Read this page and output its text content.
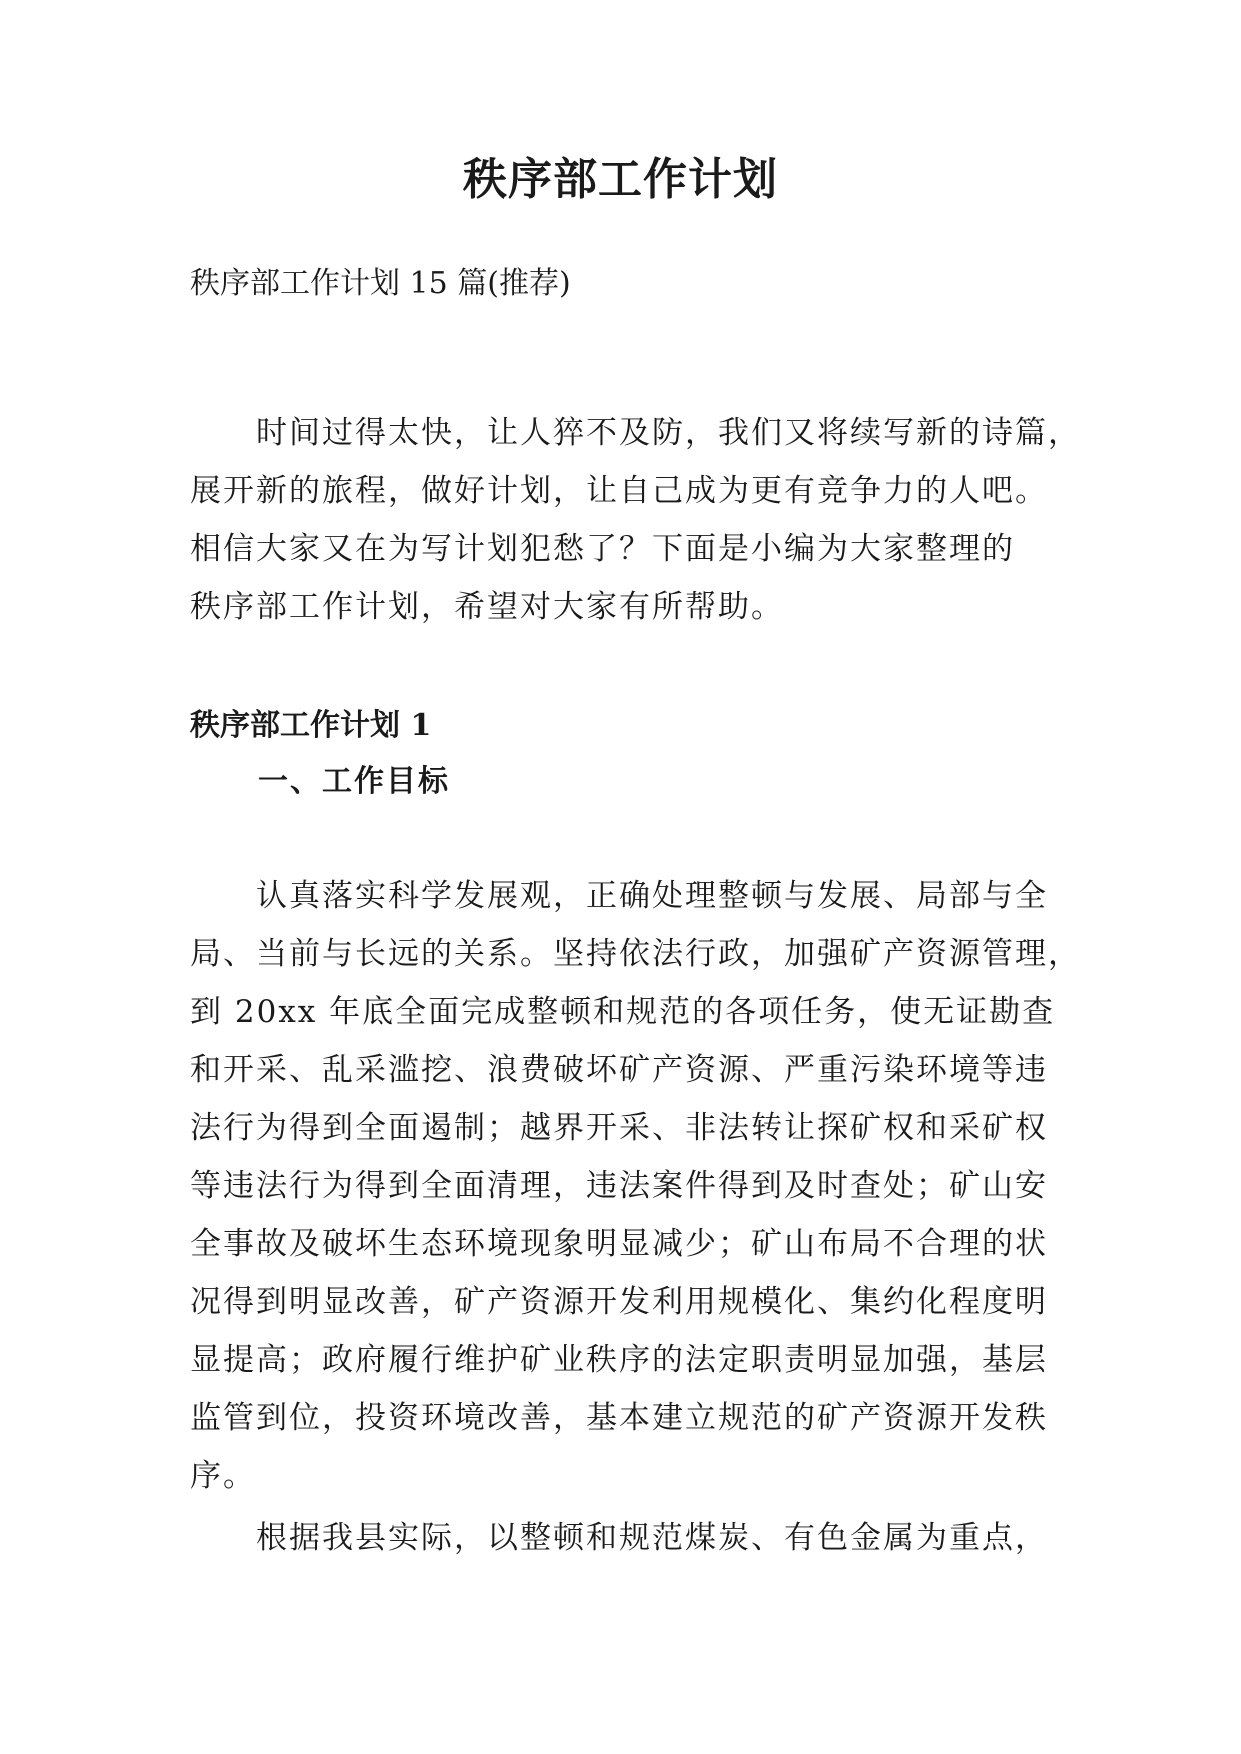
秩序部工作计划

秩序部工作计划 15 篇(推荐)

　　时间过得太快，让人猝不及防，我们又将续写新的诗篇，
展开新的旅程，做好计划，让自己成为更有竞争力的人吧。
相信大家又在为写计划犯愁了？下面是小编为大家整理的
秩序部工作计划，希望对大家有所帮助。

秩序部工作计划 1
一、工作目标

　　认真落实科学发展观，正确处理整顿与发展、局部与全
局、当前与长远的关系。坚持依法行政，加强矿产资源管理，
到 20xx 年底全面完成整顿和规范的各项任务，使无证勘查
和开采、乱采滥挖、浪费破坏矿产资源、严重污染环境等违
法行为得到全面遏制；越界开采、非法转让探矿权和采矿权
等违法行为得到全面清理，违法案件得到及时查处；矿山安
全事故及破坏生态环境现象明显减少；矿山布局不合理的状
况得到明显改善，矿产资源开发利用规模化、集约化程度明
显提高；政府履行维护矿业秩序的法定职责明显加强，基层
监管到位，投资环境改善，基本建立规范的矿产资源开发秩
序。

　　根据我县实际，以整顿和规范煤炭、有色金属为重点，
